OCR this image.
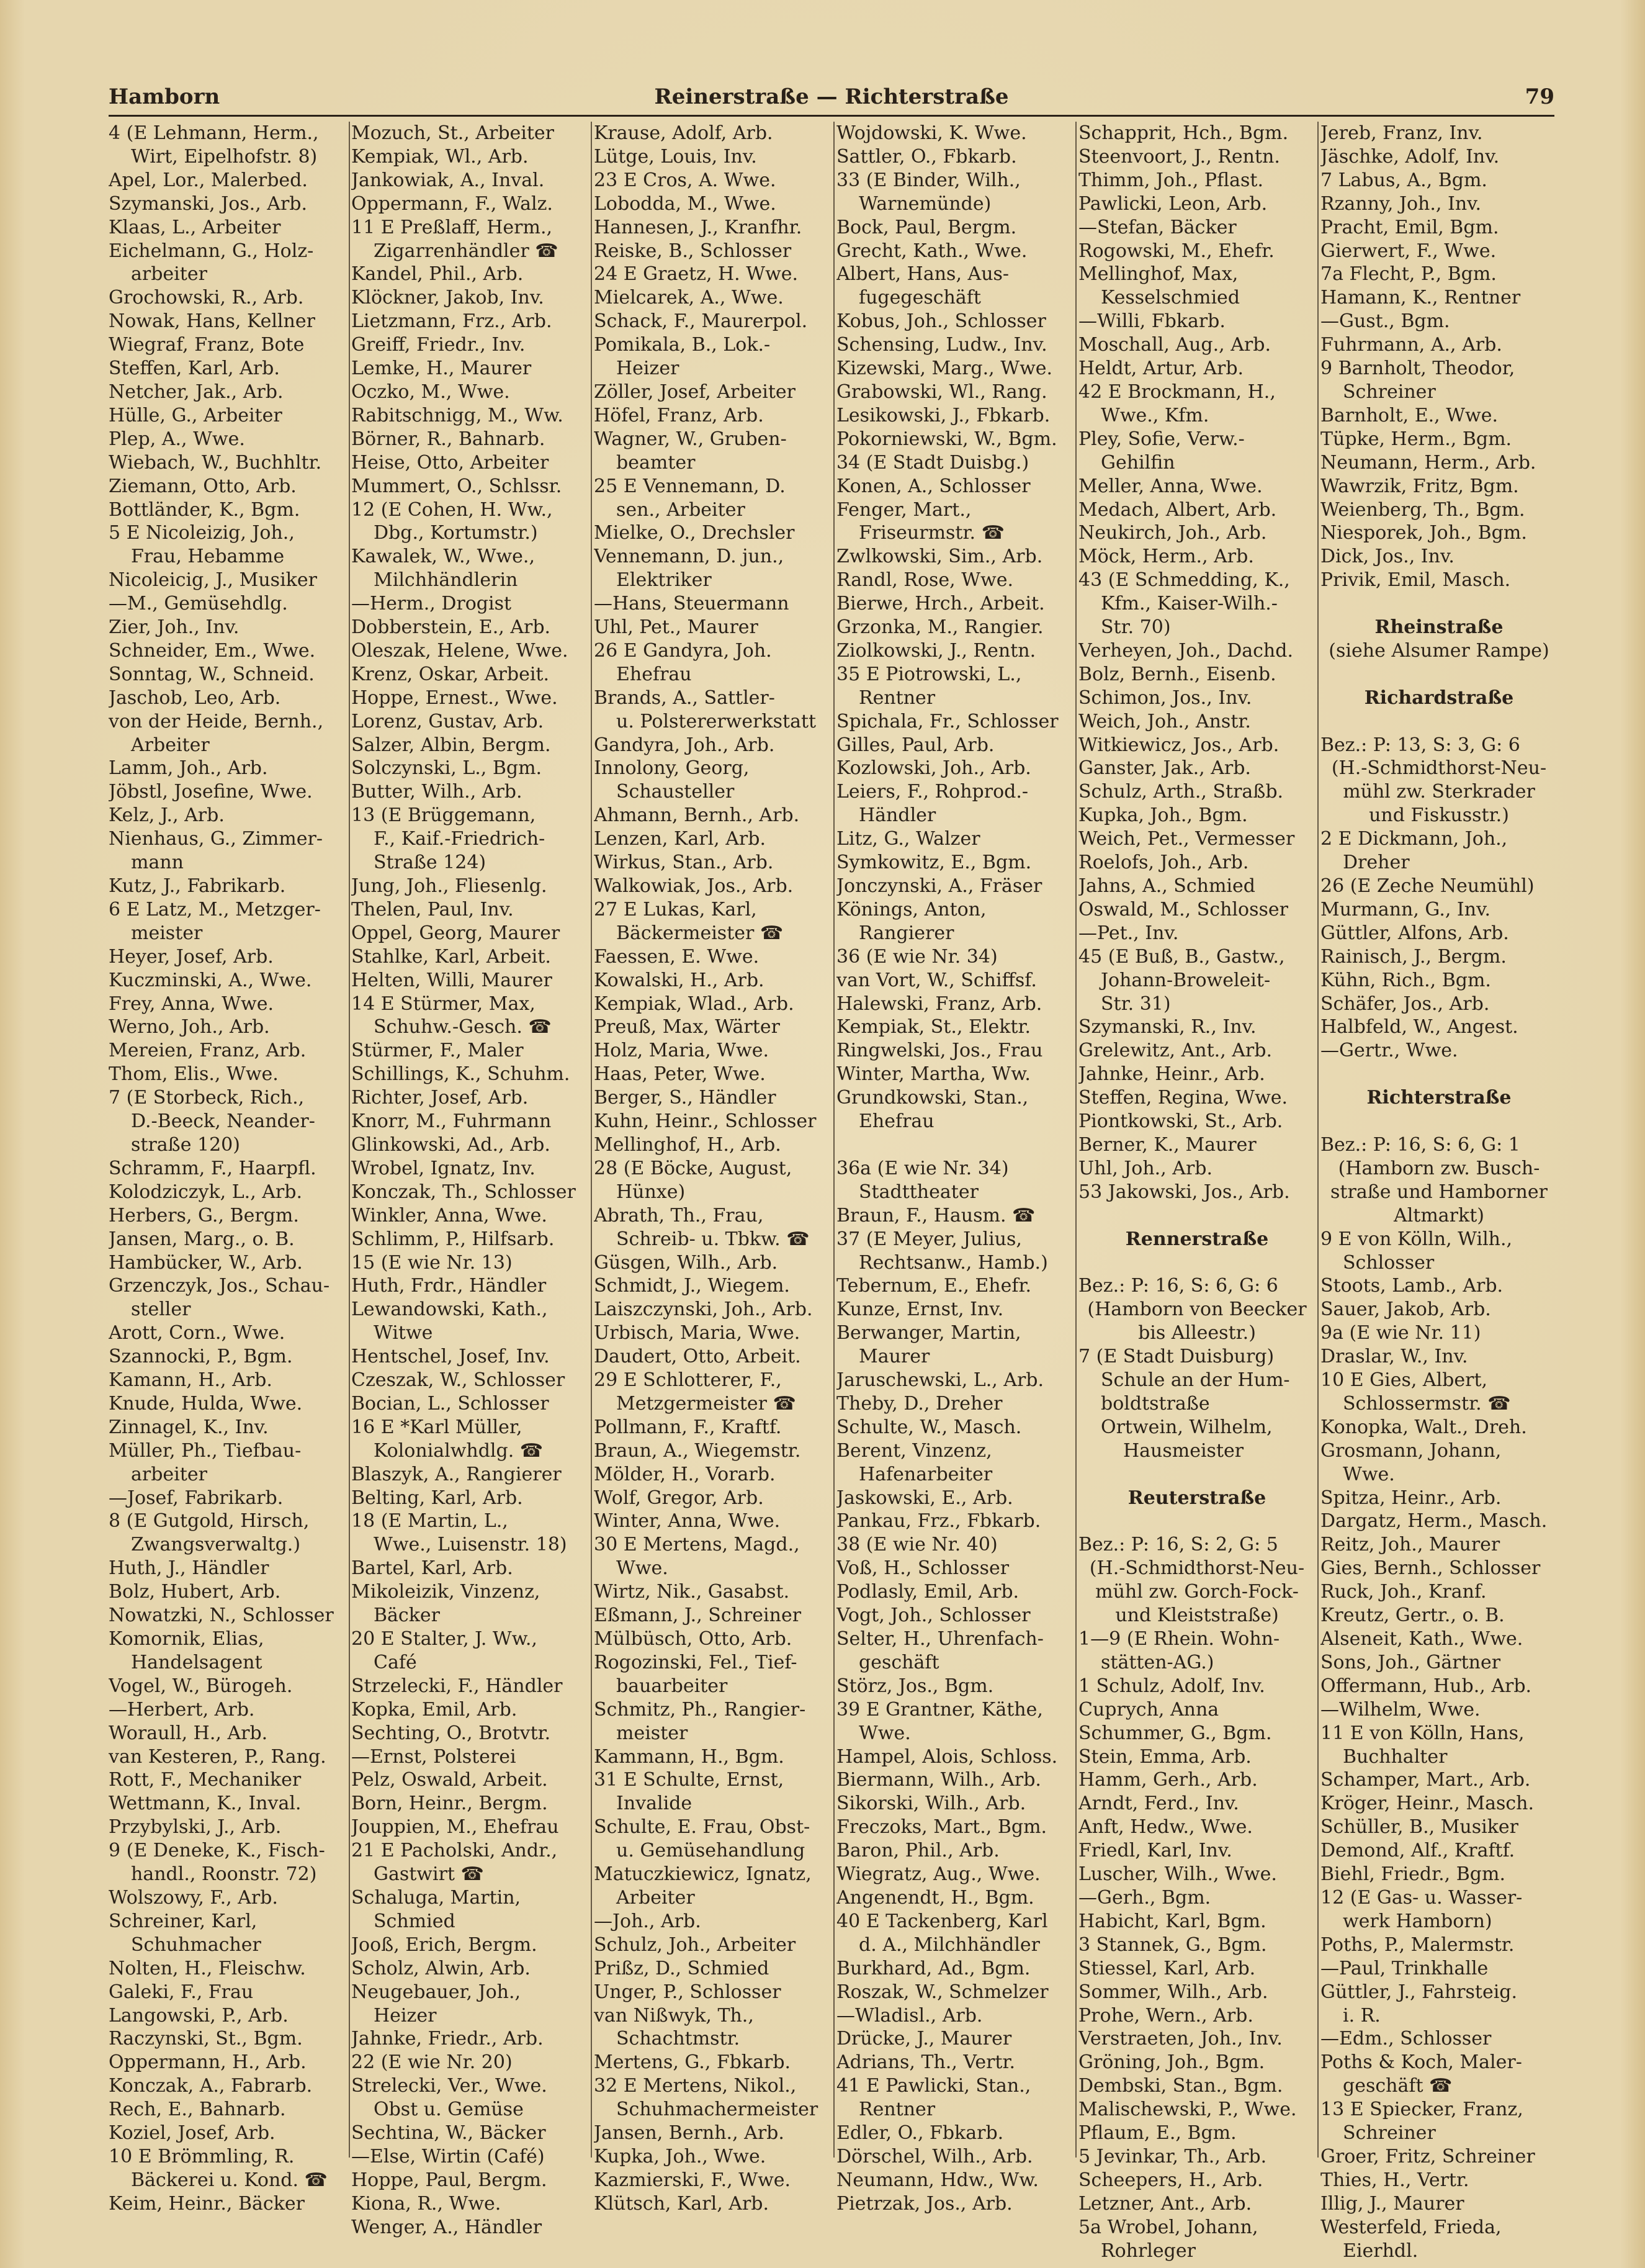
Hamborn	Reinerstraße — Richterstraße	79
4 (E Lehmann, Herm.,
Wirt, Eipelhofstr. 8)
Apel, Lor., Malerbed.
Szymanski, Jos., Arb.
Klaas, L., Arbeiter
Eichelmann, G., Holz-
arbeiter
Grochowski, R., Arb.
Nowak, Hans, Kellner
Wiegraf, Franz, Bote
Steffen, Karl, Arb.
Netcher, Jak., Arb.
Hülle, G., Arbeiter
Plep, A., Wwe.
Wiebach, W., Buchhltr.
Ziemann, Otto, Arb.
Bottländer, K., Bgm.
5 E Nicoleizig, Joh.,
Frau, Hebamme
Nicoleicig, J., Musiker
—M., Gemüsehdlg.
Zier, Joh., Inv.
Schneider, Em., Wwe.
Sonntag, W., Schneid.
Jaschob, Leo, Arb.
von der Heide, Bernh.,
Arbeiter
Lamm, Joh., Arb.
Jöbstl, Josefine, Wwe.
Kelz, J., Arb.
Nienhaus, G., Zimmer-
mann
Kutz, J., Fabrikarb.
6 E Latz, M., Metzger-
meister
Heyer, Josef, Arb.
Kuczminski, A., Wwe.
Frey, Anna, Wwe.
Werno, Joh., Arb.
Mereien, Franz, Arb.
Thom, Elis., Wwe.
7 (E Storbeck, Rich.,
D.-Beeck, Neander-
straße 120)
Schramm, F., Haarpfl.
Kolodziczyk, L., Arb.
Herbers, G., Bergm.
Jansen, Marg., o. B.
Hambücker, W., Arb.
Grzenczyk, Jos., Schau-
steller
Arott, Corn., Wwe.
Szannocki, P., Bgm.
Kamann, H., Arb.
Knude, Hulda, Wwe.
Zinnagel, K., Inv.
Müller, Ph., Tiefbau-
arbeiter
—Josef, Fabrikarb.
8 (E Gutgold, Hirsch,
Zwangsverwaltg.)
Huth, J., Händler
Bolz, Hubert, Arb.
Nowatzki, N., Schlosser
Komornik, Elias,
Handelsagent
Vogel, W., Bürogeh.
—Herbert, Arb.
Woraull, H., Arb.
van Kesteren, P., Rang.
Rott, F., Mechaniker
Wettmann, K., Inval.
Przybylski, J., Arb.
9 (E Deneke, K., Fisch-
handl., Roonstr. 72)
Wolszowy, F., Arb.
Schreiner, Karl,
Schuhmacher
Nolten, H., Fleischw.
Galeki, F., Frau
Langowski, P., Arb.
Raczynski, St., Bgm.
Oppermann, H., Arb.
Konczak, A., Fabrarb.
Rech, E., Bahnarb.
Koziel, Josef, Arb.
10 E Brömmling, R.
Bäckerei u. Kond. ☎
Keim, Heinr., Bäcker
Mozuch, St., Arbeiter
Kempiak, Wl., Arb.
Jankowiak, A., Inval.
Oppermann, F., Walz.
11 E Preßlaff, Herm.,
Zigarrenhändler ☎
Kandel, Phil., Arb.
Klöckner, Jakob, Inv.
Lietzmann, Frz., Arb.
Greiff, Friedr., Inv.
Lemke, H., Maurer
Oczko, M., Wwe.
Rabitschnigg, M., Ww.
Börner, R., Bahnarb.
Heise, Otto, Arbeiter
Mummert, O., Schlssr.
12 (E Cohen, H. Ww.,
Dbg., Kortumstr.)
Kawalek, W., Wwe.,
Milchhändlerin
—Herm., Drogist
Dobberstein, E., Arb.
Oleszak, Helene, Wwe.
Krenz, Oskar, Arbeit.
Hoppe, Ernest., Wwe.
Lorenz, Gustav, Arb.
Salzer, Albin, Bergm.
Solczynski, L., Bgm.
Butter, Wilh., Arb.
13 (E Brüggemann,
F., Kaif.-Friedrich-
Straße 124)
Jung, Joh., Fliesenlg.
Thelen, Paul, Inv.
Oppel, Georg, Maurer
Stahlke, Karl, Arbeit.
Helten, Willi, Maurer
14 E Stürmer, Max,
Schuhw.-Gesch. ☎
Stürmer, F., Maler
Schillings, K., Schuhm.
Richter, Josef, Arb.
Knorr, M., Fuhrmann
Glinkowski, Ad., Arb.
Wrobel, Ignatz, Inv.
Konczak, Th., Schlosser
Winkler, Anna, Wwe.
Schlimm, P., Hilfsarb.
15 (E wie Nr. 13)
Huth, Frdr., Händler
Lewandowski, Kath.,
Witwe
Hentschel, Josef, Inv.
Czeszak, W., Schlosser
Bocian, L., Schlosser
16 E *Karl Müller,
Kolonialwhdlg. ☎
Blaszyk, A., Rangierer
Belting, Karl, Arb.
18 (E Martin, L.,
Wwe., Luisenstr. 18)
Bartel, Karl, Arb.
Mikoleizik, Vinzenz,
Bäcker
20 E Stalter, J. Ww.,
Café
Strzelecki, F., Händler
Kopka, Emil, Arb.
Sechting, O., Brotvtr.
—Ernst, Polsterei
Pelz, Oswald, Arbeit.
Born, Heinr., Bergm.
Jouppien, M., Ehefrau
21 E Pacholski, Andr.,
Gastwirt ☎
Schaluga, Martin,
Schmied
Jooß, Erich, Bergm.
Scholz, Alwin, Arb.
Neugebauer, Joh.,
Heizer
Jahnke, Friedr., Arb.
22 (E wie Nr. 20)
Strelecki, Ver., Wwe.
Obst u. Gemüse
Sechtina, W., Bäcker
—Else, Wirtin (Café)
Hoppe, Paul, Bergm.
Kiona, R., Wwe.
Wenger, A., Händler
Krause, Adolf, Arb.
Lütge, Louis, Inv.
23 E Cros, A. Wwe.
Lobodda, M., Wwe.
Hannesen, J., Kranfhr.
Reiske, B., Schlosser
24 E Graetz, H. Wwe.
Mielcarek, A., Wwe.
Schack, F., Maurerpol.
Pomikala, B., Lok.-
Heizer
Zöller, Josef, Arbeiter
Höfel, Franz, Arb.
Wagner, W., Gruben-
beamter
25 E Vennemann, D.
sen., Arbeiter
Mielke, O., Drechsler
Vennemann, D. jun.,
Elektriker
—Hans, Steuermann
Uhl, Pet., Maurer
26 E Gandyra, Joh.
Ehefrau
Brands, A., Sattler-
u. Polstererwerkstatt
Gandyra, Joh., Arb.
Innolony, Georg,
Schausteller
Ahmann, Bernh., Arb.
Lenzen, Karl, Arb.
Wirkus, Stan., Arb.
Walkowiak, Jos., Arb.
27 E Lukas, Karl,
Bäckermeister ☎
Faessen, E. Wwe.
Kowalski, H., Arb.
Kempiak, Wlad., Arb.
Preuß, Max, Wärter
Holz, Maria, Wwe.
Haas, Peter, Wwe.
Berger, S., Händler
Kuhn, Heinr., Schlosser
Mellinghof, H., Arb.
28 (E Böcke, August,
Hünxe)
Abrath, Th., Frau,
Schreib- u. Tbkw. ☎
Güsgen, Wilh., Arb.
Schmidt, J., Wiegem.
Laiszczynski, Joh., Arb.
Urbisch, Maria, Wwe.
Daudert, Otto, Arbeit.
29 E Schlotterer, F.,
Metzgermeister ☎
Pollmann, F., Kraftf.
Braun, A., Wiegemstr.
Mölder, H., Vorarb.
Wolf, Gregor, Arb.
Winter, Anna, Wwe.
30 E Mertens, Magd.,
Wwe.
Wirtz, Nik., Gasabst.
Eßmann, J., Schreiner
Mülbüsch, Otto, Arb.
Rogozinski, Fel., Tief-
bauarbeiter
Schmitz, Ph., Rangier-
meister
Kammann, H., Bgm.
31 E Schulte, Ernst,
Invalide
Schulte, E. Frau, Obst-
u. Gemüsehandlung
Matuczkiewicz, Ignatz,
Arbeiter
—Joh., Arb.
Schulz, Joh., Arbeiter
Prißz, D., Schmied
Unger, P., Schlosser
van Nißwyk, Th.,
Schachtmstr.
Mertens, G., Fbkarb.
32 E Mertens, Nikol.,
Schuhmachermeister
Jansen, Bernh., Arb.
Kupka, Joh., Wwe.
Kazmierski, F., Wwe.
Klütsch, Karl, Arb.
Wojdowski, K. Wwe.
Sattler, O., Fbkarb.
33 (E Binder, Wilh.,
Warnemünde)
Bock, Paul, Bergm.
Grecht, Kath., Wwe.
Albert, Hans, Aus-
fugegeschäft
Kobus, Joh., Schlosser
Schensing, Ludw., Inv.
Kizewski, Marg., Wwe.
Grabowski, Wl., Rang.
Lesikowski, J., Fbkarb.
Pokorniewski, W., Bgm.
34 (E Stadt Duisbg.)
Konen, A., Schlosser
Fenger, Mart.,
Friseurmstr. ☎
Zwlkowski, Sim., Arb.
Randl, Rose, Wwe.
Bierwe, Hrch., Arbeit.
Grzonka, M., Rangier.
Ziolkowski, J., Rentn.
35 E Piotrowski, L.,
Rentner
Spichala, Fr., Schlosser
Gilles, Paul, Arb.
Kozlowski, Joh., Arb.
Leiers, F., Rohprod.-
Händler
Litz, G., Walzer
Symkowitz, E., Bgm.
Jonczynski, A., Fräser
Könings, Anton,
Rangierer
36 (E wie Nr. 34)
van Vort, W., Schiffsf.
Halewski, Franz, Arb.
Kempiak, St., Elektr.
Ringwelski, Jos., Frau
Winter, Martha, Ww.
Grundkowski, Stan.,
Ehefrau

36a (E wie Nr. 34)
Stadttheater
Braun, F., Hausm. ☎
37 (E Meyer, Julius,
Rechtsanw., Hamb.)
Tebernum, E., Ehefr.
Kunze, Ernst, Inv.
Berwanger, Martin,
Maurer
Jaruschewski, L., Arb.
Theby, D., Dreher
Schulte, W., Masch.
Berent, Vinzenz,
Hafenarbeiter
Jaskowski, E., Arb.
Pankau, Frz., Fbkarb.
38 (E wie Nr. 40)
Voß, H., Schlosser
Podlasly, Emil, Arb.
Vogt, Joh., Schlosser
Selter, H., Uhrenfach-
geschäft
Störz, Jos., Bgm.
39 E Grantner, Käthe,
Wwe.
Hampel, Alois, Schloss.
Biermann, Wilh., Arb.
Sikorski, Wilh., Arb.
Freczoks, Mart., Bgm.
Baron, Phil., Arb.
Wiegratz, Aug., Wwe.
Angenendt, H., Bgm.
40 E Tackenberg, Karl
d. A., Milchhändler
Burkhard, Ad., Bgm.
Roszak, W., Schmelzer
—Wladisl., Arb.
Drücke, J., Maurer
Adrians, Th., Vertr.
41 E Pawlicki, Stan.,
Rentner
Edler, O., Fbkarb.
Dörschel, Wilh., Arb.
Neumann, Hdw., Ww.
Pietrzak, Jos., Arb.
Schapprit, Hch., Bgm.
Steenvoort, J., Rentn.
Thimm, Joh., Pflast.
Pawlicki, Leon, Arb.
—Stefan, Bäcker
Rogowski, M., Ehefr.
Mellinghof, Max,
Kesselschmied
—Willi, Fbkarb.
Moschall, Aug., Arb.
Heldt, Artur, Arb.
42 E Brockmann, H.,
Wwe., Kfm.
Pley, Sofie, Verw.-
Gehilfin
Meller, Anna, Wwe.
Medach, Albert, Arb.
Neukirch, Joh., Arb.
Möck, Herm., Arb.
43 (E Schmedding, K.,
Kfm., Kaiser-Wilh.-
Str. 70)
Verheyen, Joh., Dachd.
Bolz, Bernh., Eisenb.
Schimon, Jos., Inv.
Weich, Joh., Anstr.
Witkiewicz, Jos., Arb.
Ganster, Jak., Arb.
Schulz, Arth., Straßb.
Kupka, Joh., Bgm.
Weich, Pet., Vermesser
Roelofs, Joh., Arb.
Jahns, A., Schmied
Oswald, M., Schlosser
—Pet., Inv.
45 (E Buß, B., Gastw.,
Johann-Broweleit-
Str. 31)
Szymanski, R., Inv.
Grelewitz, Ant., Arb.
Jahnke, Heinr., Arb.
Steffen, Regina, Wwe.
Piontkowski, St., Arb.
Berner, K., Maurer
Uhl, Joh., Arb.
53 Jakowski, Jos., Arb.

Rennerstraße

Bez.: P: 16, S: 6, G: 6
(Hamborn von Beecker
bis Alleestr.)
7 (E Stadt Duisburg)
Schule an der Hum-
boldtstraße
Ortwein, Wilhelm,
Hausmeister

Reuterstraße

Bez.: P: 16, S: 2, G: 5
(H.-Schmidthorst-Neu-
mühl zw. Gorch-Fock-
und Kleiststraße)
1—9 (E Rhein. Wohn-
stätten-AG.)
1 Schulz, Adolf, Inv.
Cuprych, Anna
Schummer, G., Bgm.
Stein, Emma, Arb.
Hamm, Gerh., Arb.
Arndt, Ferd., Inv.
Anft, Hedw., Wwe.
Friedl, Karl, Inv.
Luscher, Wilh., Wwe.
—Gerh., Bgm.
Habicht, Karl, Bgm.
3 Stannek, G., Bgm.
Stiessel, Karl, Arb.
Sommer, Wilh., Arb.
Prohe, Wern., Arb.
Verstraeten, Joh., Inv.
Gröning, Joh., Bgm.
Dembski, Stan., Bgm.
Malischewski, P., Wwe.
Pflaum, E., Bgm.
5 Jevinkar, Th., Arb.
Scheepers, H., Arb.
Letzner, Ant., Arb.
5a Wrobel, Johann,
Rohrleger
Jereb, Franz, Inv.
Jäschke, Adolf, Inv.
7 Labus, A., Bgm.
Rzanny, Joh., Inv.
Pracht, Emil, Bgm.
Gierwert, F., Wwe.
7a Flecht, P., Bgm.
Hamann, K., Rentner
—Gust., Bgm.
Fuhrmann, A., Arb.
9 Barnholt, Theodor,
Schreiner
Barnholt, E., Wwe.
Tüpke, Herm., Bgm.
Neumann, Herm., Arb.
Wawrzik, Fritz, Bgm.
Weienberg, Th., Bgm.
Niesporek, Joh., Bgm.
Dick, Jos., Inv.
Privik, Emil, Masch.

Rheinstraße
(siehe Alsumer Rampe)

Richardstraße

Bez.: P: 13, S: 3, G: 6
(H.-Schmidthorst-Neu-
mühl zw. Sterkrader
und Fiskusstr.)
2 E Dickmann, Joh.,
Dreher
26 (E Zeche Neumühl)
Murmann, G., Inv.
Güttler, Alfons, Arb.
Rainisch, J., Bergm.
Kühn, Rich., Bgm.
Schäfer, Jos., Arb.
Halbfeld, W., Angest.
—Gertr., Wwe.

Richterstraße

Bez.: P: 16, S: 6, G: 1
(Hamborn zw. Busch-
straße und Hamborner
Altmarkt)
9 E von Kölln, Wilh.,
Schlosser
Stoots, Lamb., Arb.
Sauer, Jakob, Arb.
9a (E wie Nr. 11)
Draslar, W., Inv.
10 E Gies, Albert,
Schlossermstr. ☎
Konopka, Walt., Dreh.
Grosmann, Johann,
Wwe.
Spitza, Heinr., Arb.
Dargatz, Herm., Masch.
Reitz, Joh., Maurer
Gies, Bernh., Schlosser
Ruck, Joh., Kranf.
Kreutz, Gertr., o. B.
Alseneit, Kath., Wwe.
Sons, Joh., Gärtner
Offermann, Hub., Arb.
—Wilhelm, Wwe.
11 E von Kölln, Hans,
Buchhalter
Schamper, Mart., Arb.
Kröger, Heinr., Masch.
Schüller, B., Musiker
Demond, Alf., Kraftf.
Biehl, Friedr., Bgm.
12 (E Gas- u. Wasser-
werk Hamborn)
Poths, P., Malermstr.
—Paul, Trinkhalle
Güttler, J., Fahrsteig.
i. R.
—Edm., Schlosser
Poths & Koch, Maler-
geschäft ☎
13 E Spiecker, Franz,
Schreiner
Groer, Fritz, Schreiner
Thies, H., Vertr.
Illig, J., Maurer
Westerfeld, Frieda,
Eierhdl.
